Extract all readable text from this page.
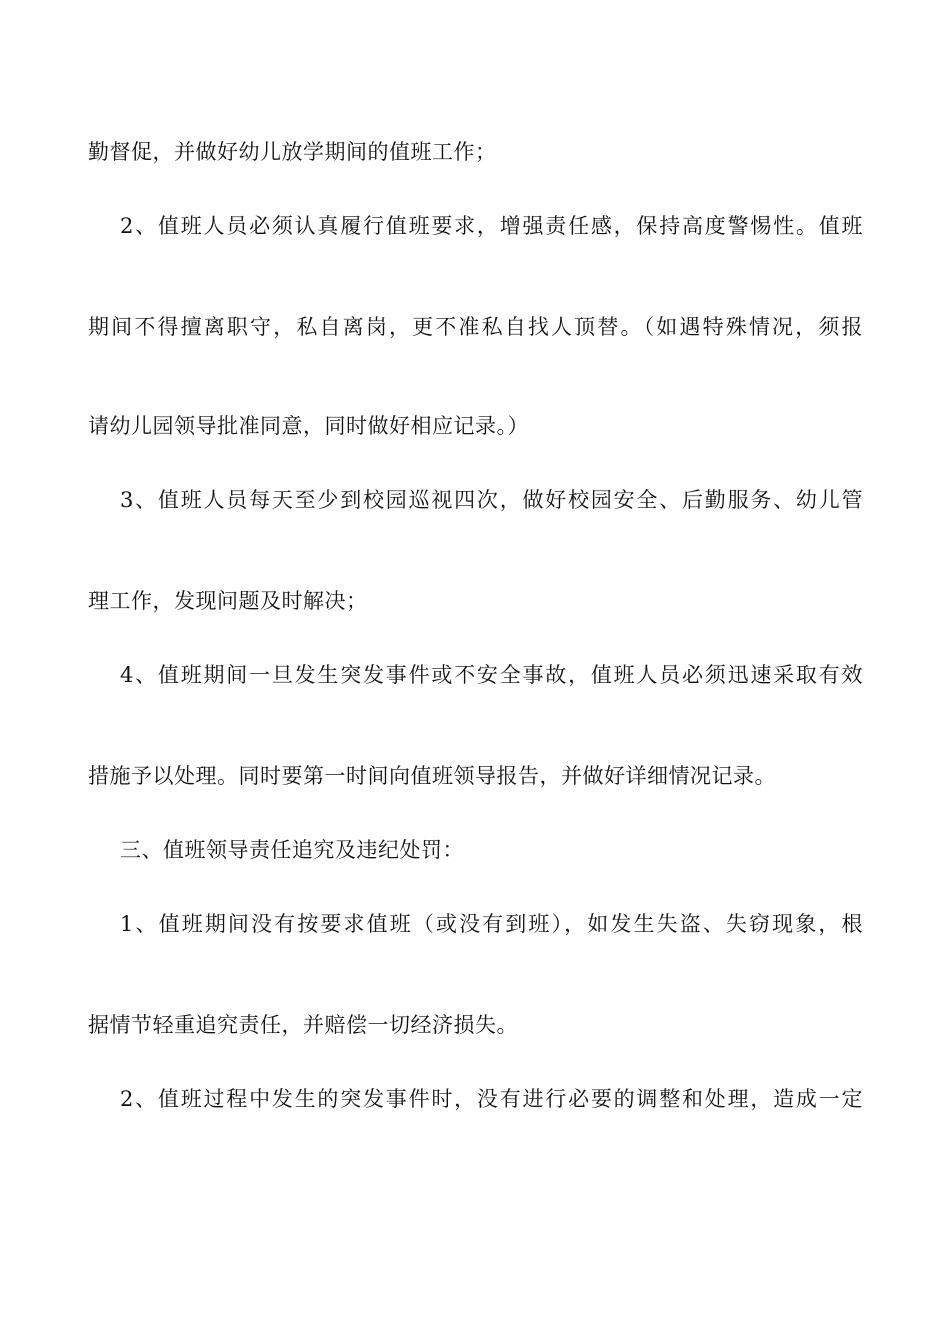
勤督促，并做好幼儿放学期间的值班工作；

2、值班人员必须认真履行值班要求，增强责任感，保持高度警惕性。值班

期间不得擅离职守，私自离岗，更不准私自找人顶替。（如遇特殊情况，须报

请幼儿园领导批准同意，同时做好相应记录。）

3、值班人员每天至少到校园巡视四次，做好校园安全、后勤服务、幼儿管

理工作，发现问题及时解决；

4、值班期间一旦发生突发事件或不安全事故，值班人员必须迅速采取有效

措施予以处理。同时要第一时间向值班领导报告，并做好详细情况记录。

三、值班领导责任追究及违纪处罚：

1、值班期间没有按要求值班（或没有到班），如发生失盗、失窃现象，根

据情节轻重追究责任，并赔偿一切经济损失。

2、值班过程中发生的突发事件时，没有进行必要的调整和处理，造成一定
